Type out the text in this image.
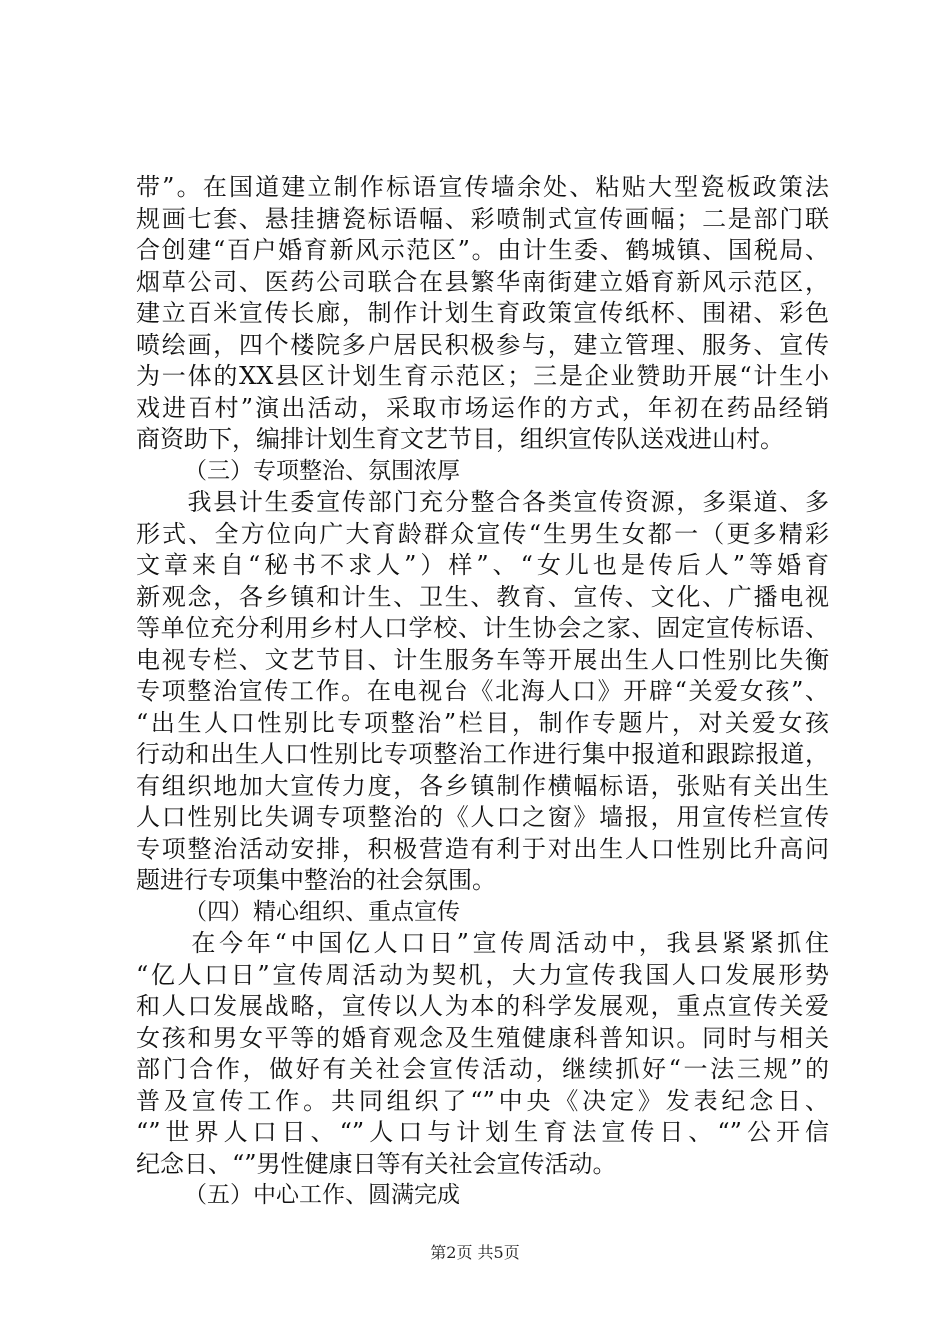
带”。在国道建立制作标语宣传墙余处、粘贴大型瓷板政策法
规画七套、悬挂搪瓷标语幅、彩喷制式宣传画幅；二是部门联
合创建“百户婚育新风示范区”。由计生委、鹤城镇、国税局、
烟草公司、医药公司联合在县繁华南街建立婚育新风示范区，
建立百米宣传长廊，制作计划生育政策宣传纸杯、围裙、彩色
喷绘画，四个楼院多户居民积极参与，建立管理、服务、宣传
为一体的XX县区计划生育示范区；三是企业赞助开展“计生小
戏进百村”演出活动，采取市场运作的方式，年初在药品经销
商资助下，编排计划生育文艺节目，组织宣传队送戏进山村。
（三）专项整治、氛围浓厚
　　我县计生委宣传部门充分整合各类宣传资源，多渠道、多
形式、全方位向广大育龄群众宣传“生男生女都一（更多精彩
文章来自“秘书不求人”）样”、“女儿也是传后人”等婚育
新观念，各乡镇和计生、卫生、教育、宣传、文化、广播电视
等单位充分利用乡村人口学校、计生协会之家、固定宣传标语、
电视专栏、文艺节目、计生服务车等开展出生人口性别比失衡
专项整治宣传工作。在电视台《北海人口》开辟“关爱女孩”、
“出生人口性别比专项整治”栏目，制作专题片，对关爱女孩
行动和出生人口性别比专项整治工作进行集中报道和跟踪报道，
有组织地加大宣传力度，各乡镇制作横幅标语，张贴有关出生
人口性别比失调专项整治的《人口之窗》墙报，用宣传栏宣传
专项整治活动安排，积极营造有利于对出生人口性别比升高问
题进行专项集中整治的社会氛围。
（四）精心组织、重点宣传
　　在今年“中国亿人口日”宣传周活动中，我县紧紧抓住
“亿人口日”宣传周活动为契机，大力宣传我国人口发展形势
和人口发展战略，宣传以人为本的科学发展观，重点宣传关爱
女孩和男女平等的婚育观念及生殖健康科普知识。同时与相关
部门合作，做好有关社会宣传活动，继续抓好“一法三规”的
普及宣传工作。共同组织了“”中央《决定》发表纪念日、
“”世界人口日、“”人口与计划生育法宣传日、“”公开信
纪念日、“”男性健康日等有关社会宣传活动。
（五）中心工作、圆满完成
第2页 共5页
